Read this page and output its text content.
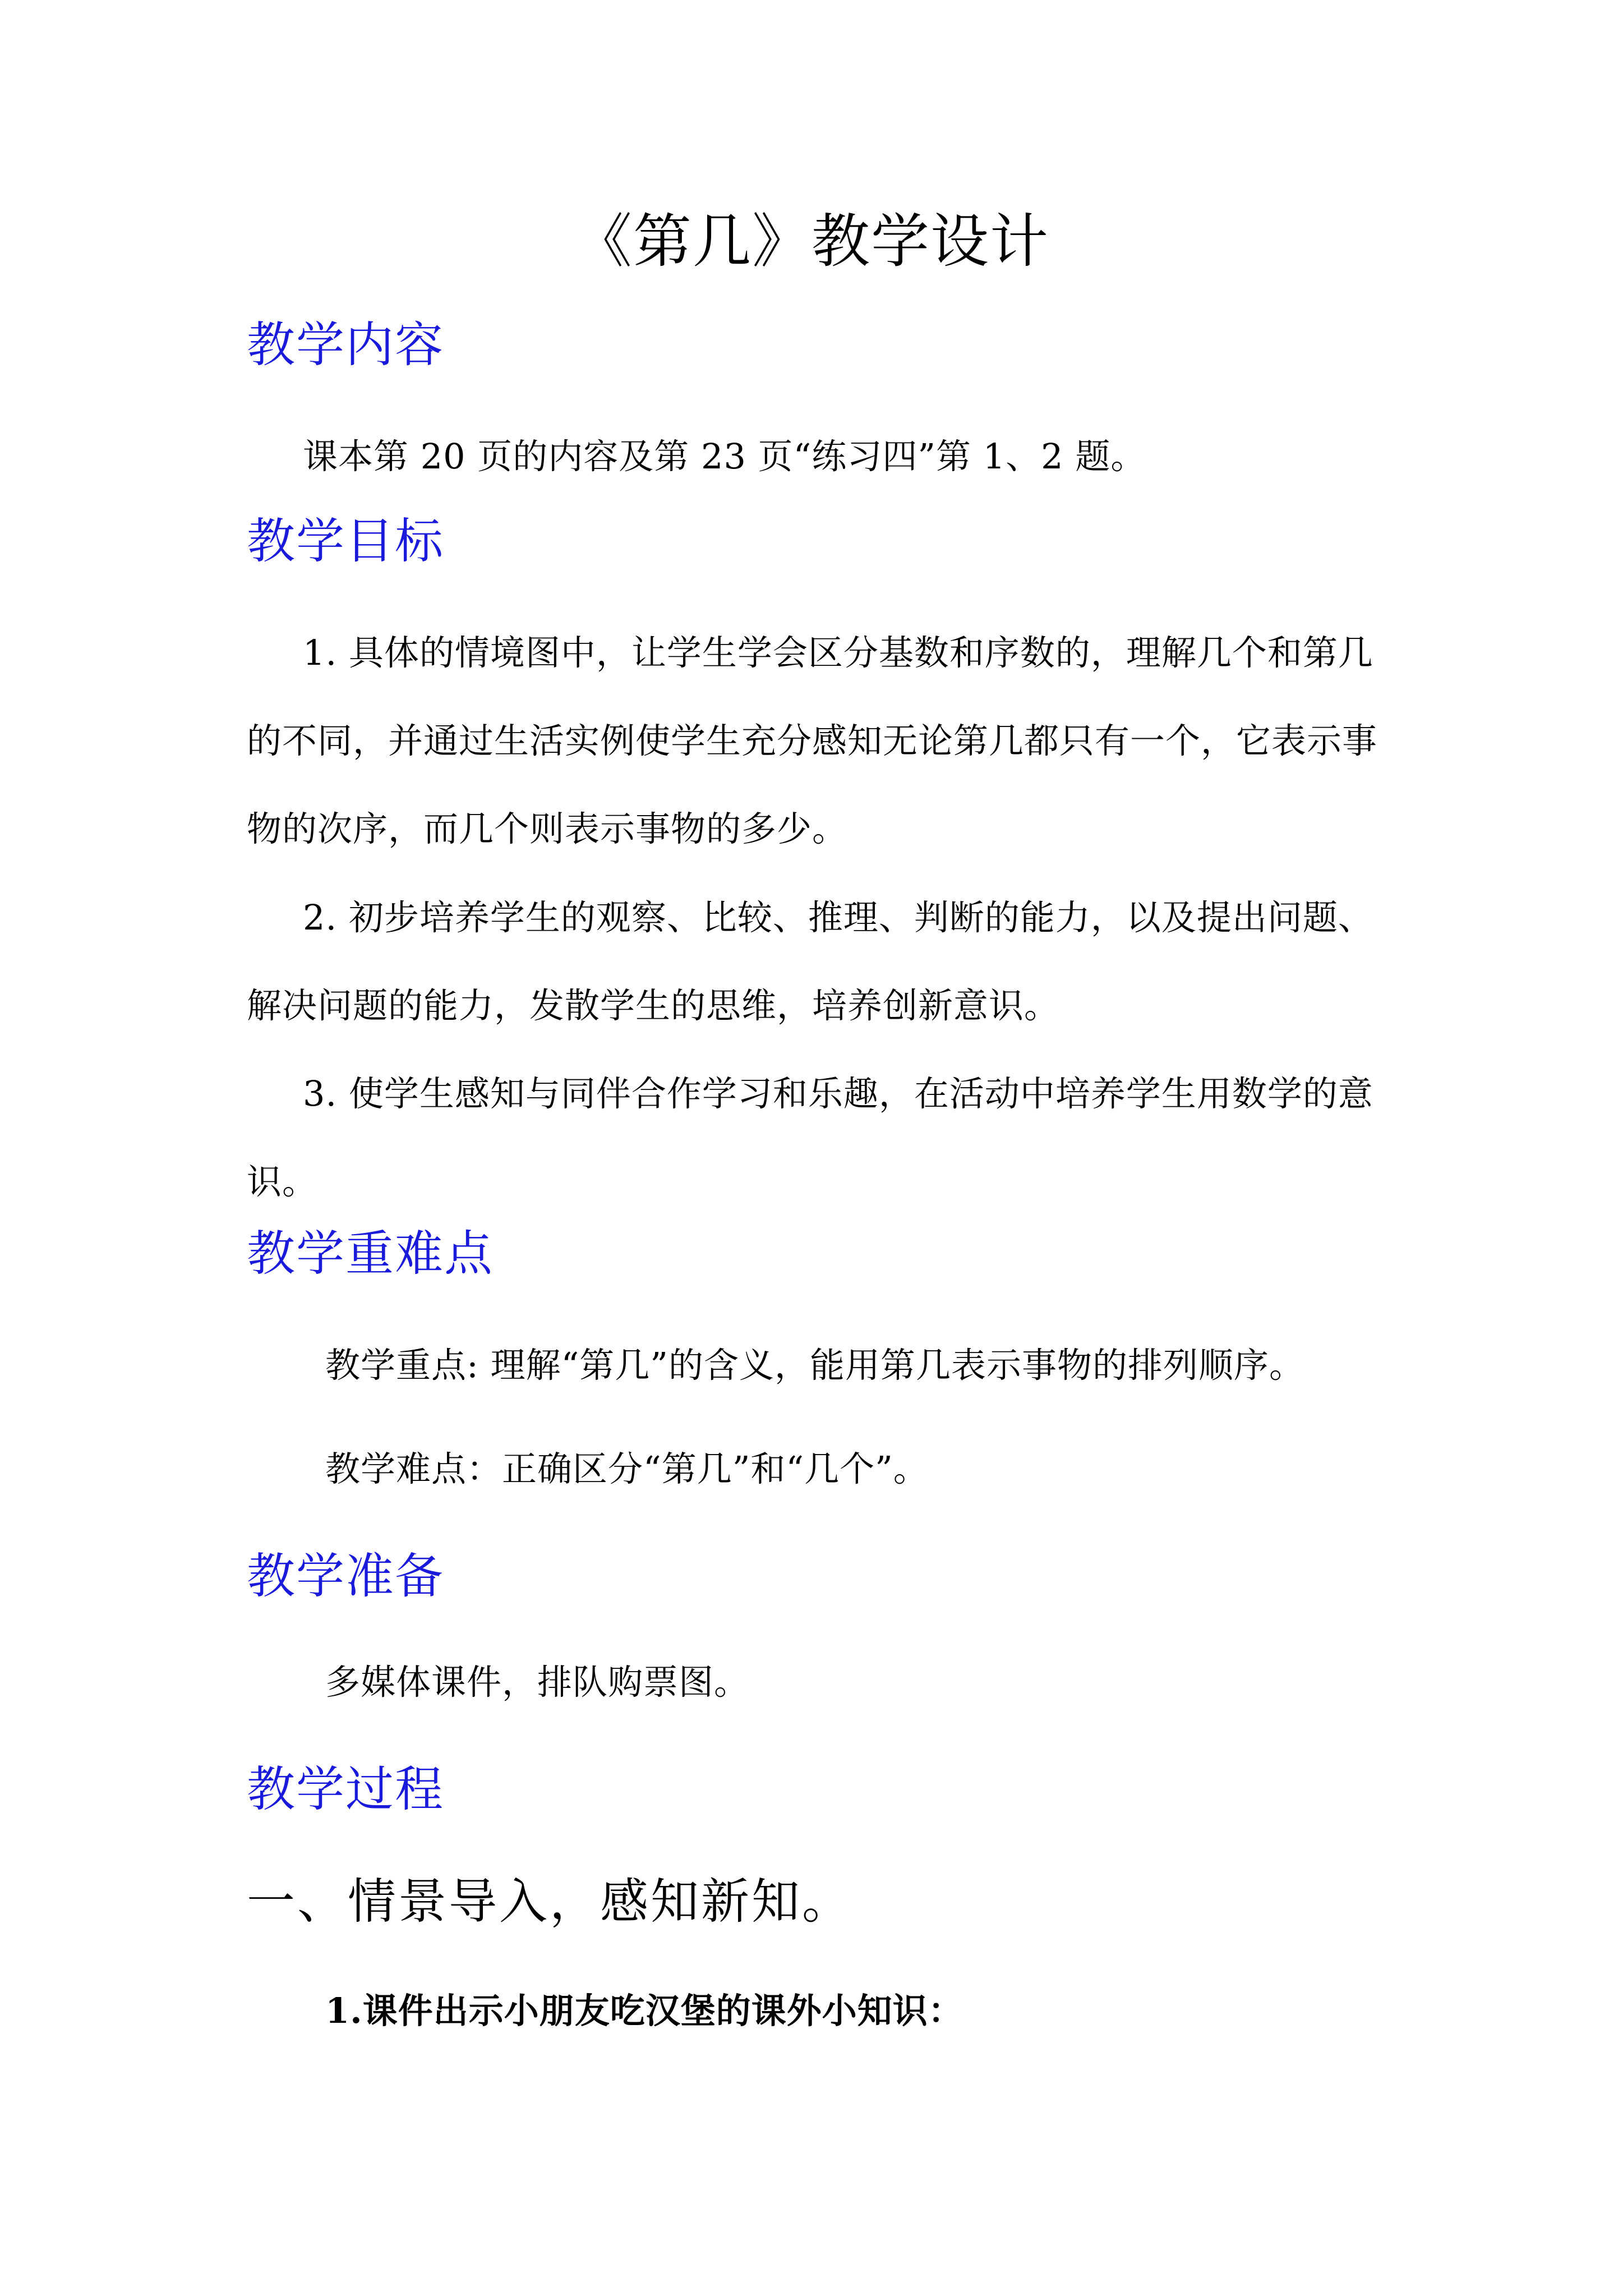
《第几》教学设计
教学内容

课本第 20 页的内容及第 23 页“练习四”第 1、2 题。

教学目标

1. 具体的情境图中，让学生学会区分基数和序数的，理解几个和第几的不同，并通过生活实例使学生充分感知无论第几都只有一个，它表示事物的次序，而几个则表示事物的多少。

2. 初步培养学生的观察、比较、推理、判断的能力，以及提出问题、解决问题的能力，发散学生的思维，培养创新意识。

3. 使学生感知与同伴合作学习和乐趣，在活动中培养学生用数学的意识。

教学重难点

教学重点: 理解“第几”的含义，能用第几表示事物的排列顺序。

教学难点：正确区分“第几”和“几个”。

教学准备

多媒体课件，排队购票图。

教学过程
一、情景导入，感知新知。

1.课件出示小朋友吃汉堡的课外小知识：
